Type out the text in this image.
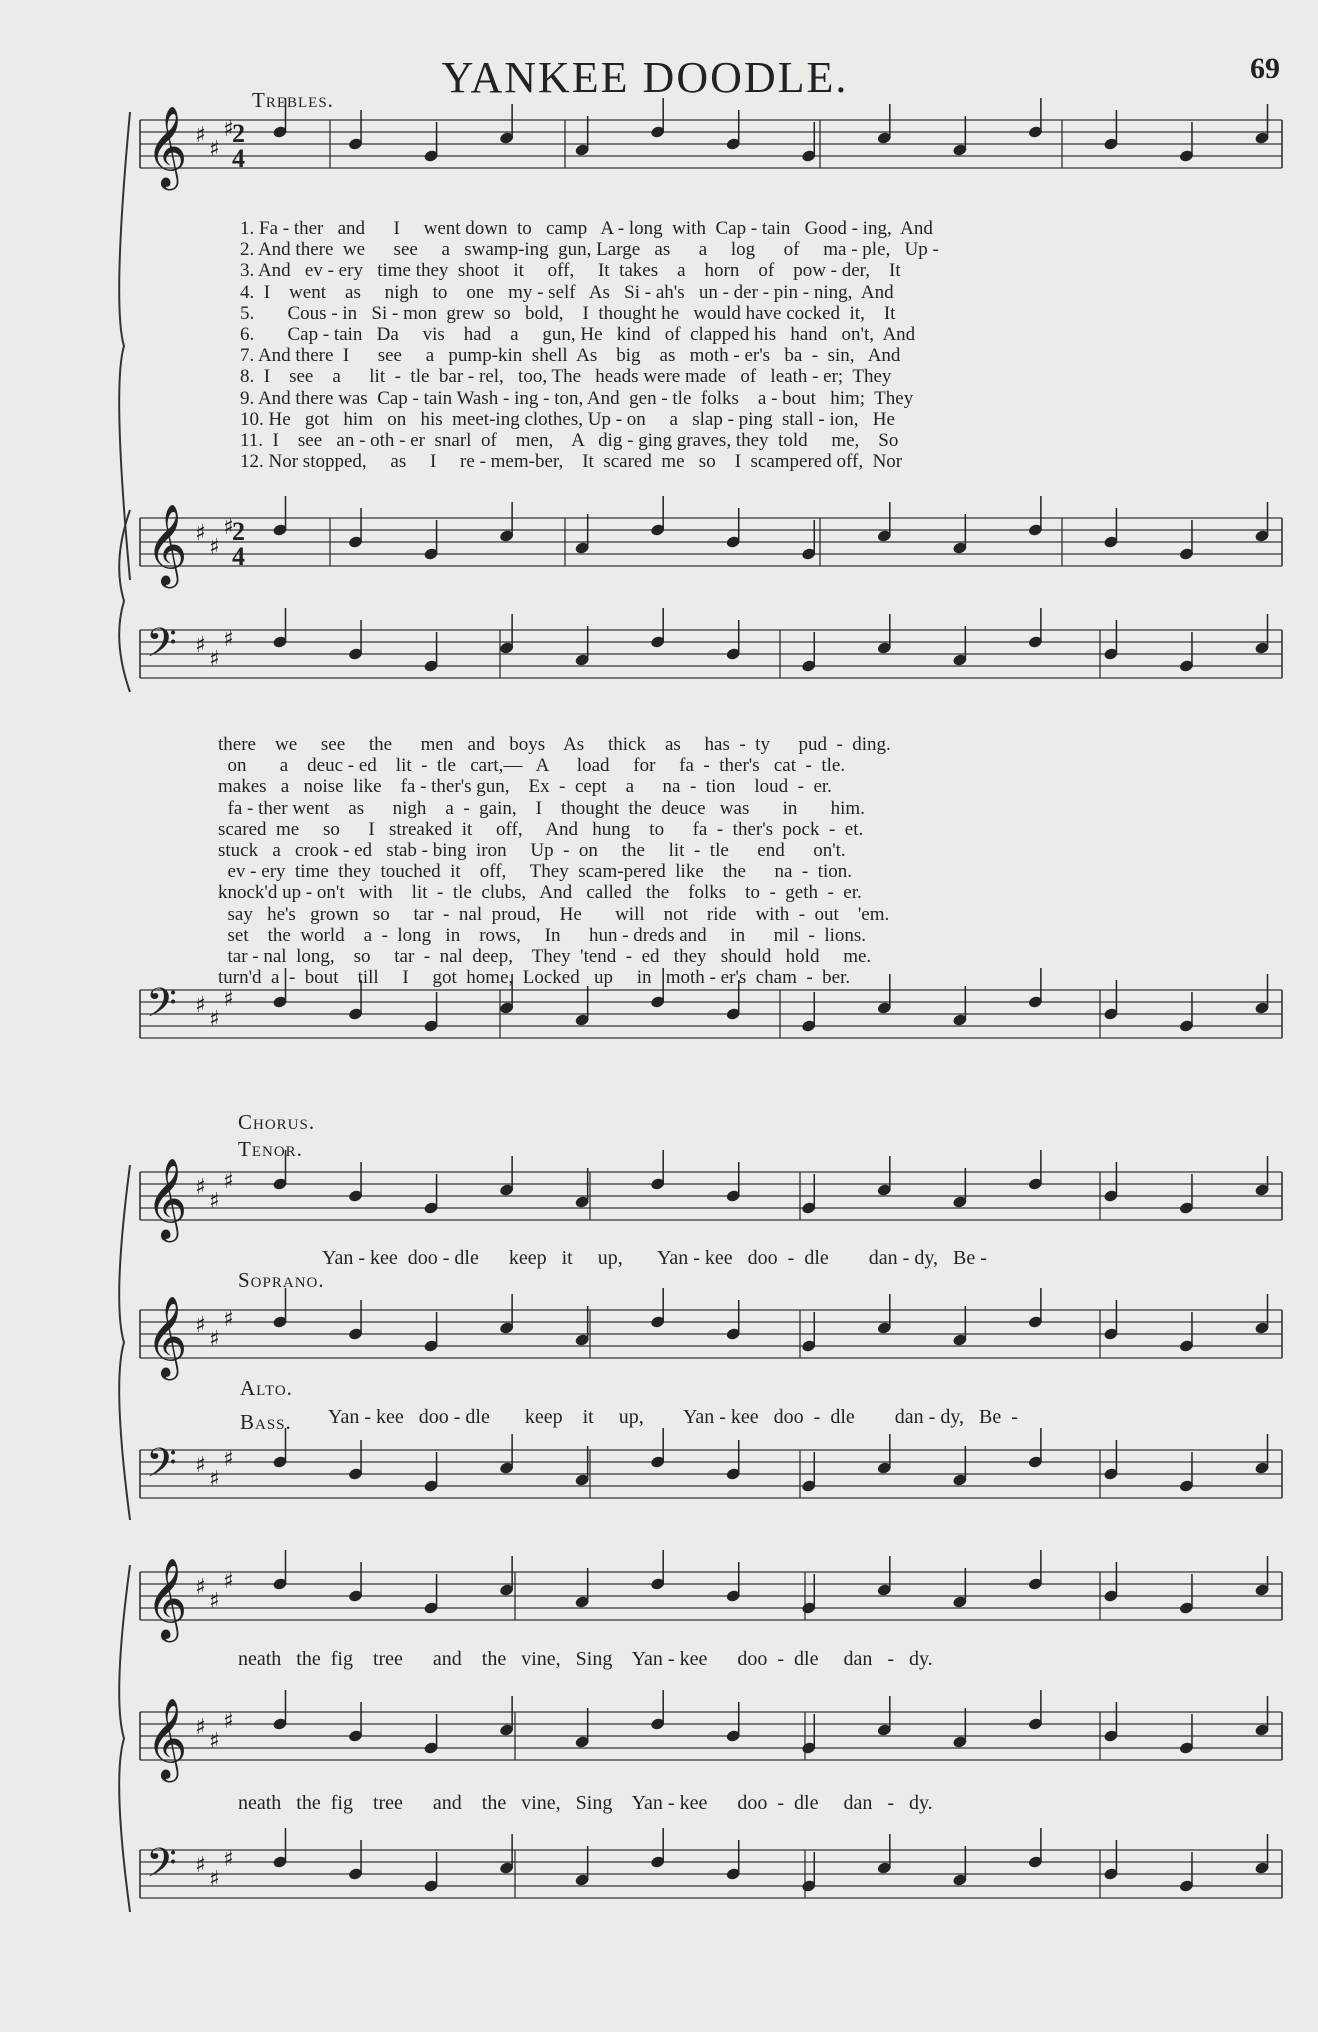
YANKEE DOODLE.	69
♯
♯
♯
𝄞
♯
♯
♯
𝄞
♯
♯
♯
𝄢
♯
♯
♯
𝄢
♯
♯
♯
𝄞
♯
♯
♯
𝄞
♯
♯
♯
𝄢
♯
♯
♯
𝄞
♯
♯
♯
𝄞
♯
♯
♯
𝄢
2
4
2
4
Trebles.
1. Fa - ther   and      I     went down  to   camp   A - long  with  Cap - tain   Good - ing,  And
2. And there  we      see     a   swamp-ing  gun, Large   as      a     log      of     ma - ple,   Up -
3. And   ev - ery   time they  shoot   it     off,     It  takes    a    horn    of    pow - der,    It
4.  I    went    as     nigh   to    one   my - self   As   Si - ah's   un - der - pin - ning,  And
5.       Cous - in   Si - mon  grew  so   bold,    I  thought he   would have cocked  it,    It
6.       Cap - tain   Da     vis    had    a     gun, He   kind   of  clapped his   hand   on't,  And
7. And there  I      see     a   pump-kin  shell  As    big    as   moth - er's   ba  -  sin,   And
8.  I    see    a      lit  -  tle  bar - rel,   too, The   heads were made   of   leath - er;  They
9. And there was  Cap - tain Wash - ing - ton, And  gen - tle  folks    a - bout   him;  They
10. He   got   him   on   his  meet-ing clothes, Up - on     a   slap - ping  stall - ion,   He
11.  I    see   an - oth - er  snarl  of    men,    A   dig - ging graves, they  told     me,    So
12. Nor stopped,     as     I     re - mem-ber,    It  scared  me   so    I  scampered off,  Nor
there    we     see     the      men   and   boys    As     thick    as     has  -  ty      pud  -  ding.
on       a    deuc - ed    lit  -  tle   cart,—   A      load     for     fa  -  ther's   cat  -  tle.
makes   a   noise  like    fa - ther's gun,    Ex  -  cept    a      na  -  tion    loud  -  er.
fa - ther went    as      nigh    a  -  gain,    I    thought  the  deuce   was       in       him.
scared  me     so      I   streaked  it     off,     And   hung    to      fa  -  ther's  pock  -  et.
stuck   a   crook - ed   stab - bing  iron     Up  -  on     the     lit  -  tle      end      on't.
ev - ery  time  they  touched  it    off,     They  scam-pered  like    the      na  -  tion.
knock'd up - on't   with    lit  -  tle  clubs,   And   called   the    folks    to  -  geth  -  er.
say   he's   grown   so     tar  -  nal  proud,    He       will    not    ride    with  -  out    'em.
set    the  world    a  -  long   in    rows,     In      hun - dreds and     in      mil  -  lions.
tar - nal  long,    so     tar  -  nal  deep,    They  'tend  -  ed   they   should   hold     me.
turn'd  a  -  bout    till     I     got  home,  Locked   up     in   moth - er's  cham  -  ber.
Chorus.
Tenor.
Yan - kee  doo - dle      keep   it     up,       Yan - kee   doo  -  dle        dan - dy,   Be -
Soprano.
Alto.
Bass. Yan - kee   doo - dle       keep    it     up,        Yan - kee   doo  -  dle        dan - dy,   Be  -
neath   the  fig    tree      and    the   vine,   Sing    Yan - kee      doo  -  dle     dan   -   dy.
neath   the  fig    tree      and    the   vine,   Sing    Yan - kee      doo  -  dle     dan   -   dy.
